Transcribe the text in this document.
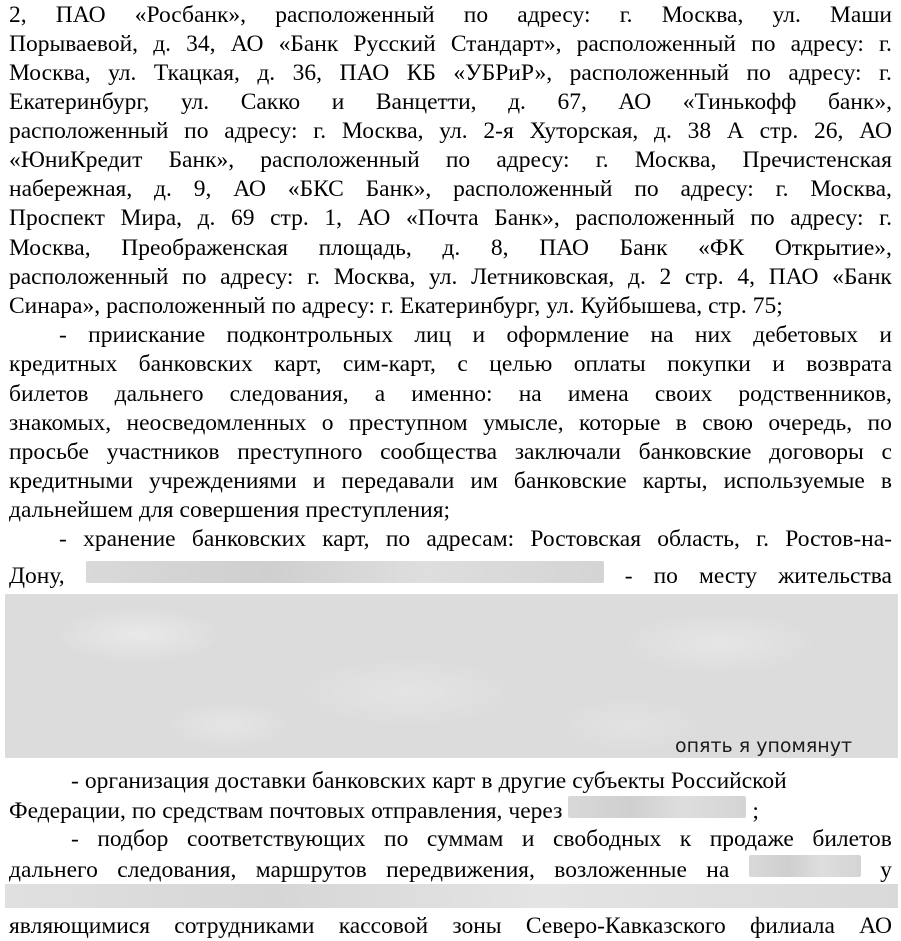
2, ПАО «Росбанк», расположенный по адресу: г. Москва, ул. Маши
Порываевой, д. 34, АО «Банк Русский Стандарт», расположенный по адресу: г.
Москва, ул. Ткацкая, д. 36, ПАО КБ «УБРиР», расположенный по адресу: г.
Екатеринбург, ул. Сакко и Ванцетти, д. 67, АО «Тинькофф банк»,
расположенный по адресу: г. Москва, ул. 2-я Хуторская, д. 38 А стр. 26, АО
«ЮниКредит Банк», расположенный по адресу: г. Москва, Пречистенская
набережная, д. 9, АО «БКС Банк», расположенный по адресу: г. Москва,
Проспект Мира, д. 69 стр. 1, АО «Почта Банк», расположенный по адресу: г.
Москва, Преображенская площадь, д. 8, ПАО Банк «ФК Открытие»,
расположенный по адресу: г. Москва, ул. Летниковская, д. 2 стр. 4, ПАО «Банк
Синара», расположенный по адресу: г. Екатеринбург, ул. Куйбышева, стр. 75;
- приискание подконтрольных лиц и оформление на них дебетовых и
кредитных банковских карт, сим-карт, с целью оплаты покупки и возврата
билетов дальнего следования, а именно: на имена своих родственников,
знакомых, неосведомленных о преступном умысле, которые в свою очередь, по
просьбе участников преступного сообщества заключали банковские договоры с
кредитными учреждениями и передавали им банковские карты, используемые в
дальнейшем для совершения преступления;
- хранение банковских карт, по адресам: Ростовская область, г. Ростов-на-
Дону,	- по месту жительства
опять я упомянут
- организация доставки банковских карт в другие субъекты Российской
Федерации, по средствам почтовых отправления, через	;
- подбор соответствующих по суммам и свободных к продаже билетов
дальнего следования, маршрутов передвижения, возложенные на	у
являющимися сотрудниками кассовой зоны Северо-Кавказского филиала АО
